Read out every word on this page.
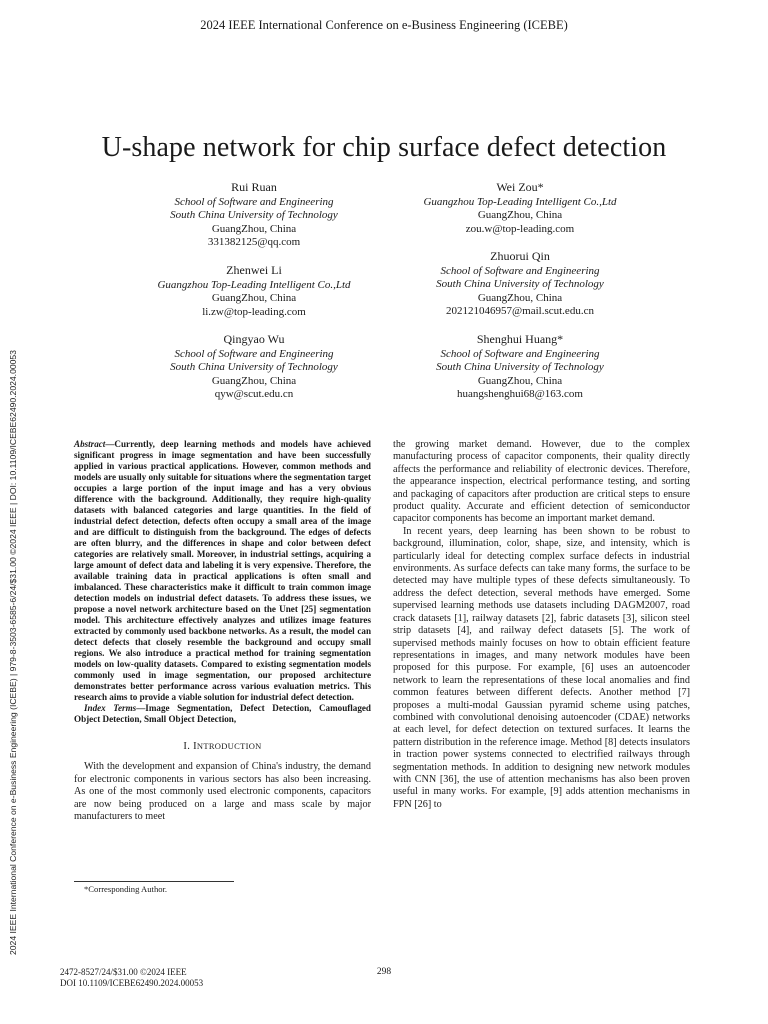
2024 IEEE International Conference on e-Business Engineering (ICEBE)
2024 IEEE International Conference on e-Business Engineering (ICEBE) | 979-8-3503-6585-6/24/$31.00 ©2024 IEEE | DOI: 10.1109/ICEBE62490.2024.00053
U-shape network for chip surface defect detection
Rui Ruan
School of Software and Engineering
South China University of Technology
GuangZhou, China
331382125@qq.com
Wei Zou*
Guangzhou Top-Leading Intelligent Co.,Ltd
GuangZhou, China
zou.w@top-leading.com
Zhenwei Li
Guangzhou Top-Leading Intelligent Co.,Ltd
GuangZhou, China
li.zw@top-leading.com
Zhuorui Qin
School of Software and Engineering
South China University of Technology
GuangZhou, China
202121046957@mail.scut.edu.cn
Qingyao Wu
School of Software and Engineering
South China University of Technology
GuangZhou, China
qyw@scut.edu.cn
Shenghui Huang*
School of Software and Engineering
South China University of Technology
GuangZhou, China
huangshenghui68@163.com

Abstract—Currently, deep learning methods and models have achieved significant progress in image segmentation and have been successfully applied in various practical applications. However, common methods and models are usually only suitable for situations where the segmentation target occupies a large portion of the input image and has a very obvious difference with the background. Additionally, they require high-quality datasets with balanced categories and large quantities. In the field of industrial defect detection, defects often occupy a small area of the image and are difficult to distinguish from the background. The edges of defects are often blurry, and the differences in shape and color between defect categories are relatively small. Moreover, in industrial settings, acquiring a large amount of defect data and labeling it is very expensive. Therefore, the available training data in practical applications is often small and imbalanced. These characteristics make it difficult to train common image detection models on industrial defect datasets. To address these issues, we propose a novel network architecture based on the Unet [25] segmentation model. This architecture effectively analyzes and utilizes image features extracted by commonly used backbone networks. As a result, the model can detect defects that closely resemble the background and occupy small regions. We also introduce a practical method for training segmentation models on low-quality datasets. Compared to existing segmentation models commonly used in image segmentation, our proposed architecture demonstrates better performance across various evaluation metrics. This research aims to provide a viable solution for industrial defect detection.

Index Terms—Image Segmentation, Defect Detection, Camouflaged Object Detection, Small Object Detection,

I. INTRODUCTION

With the development and expansion of China's industry, the demand for electronic components in various sectors has also been increasing. As one of the most commonly used electronic components, capacitors are now being produced on a large and mass scale by major manufacturers to meet

the growing market demand. However, due to the complex manufacturing process of capacitor components, their quality directly affects the performance and reliability of electronic devices. Therefore, the appearance inspection, electrical performance testing, and sorting and packaging of capacitors after production are critical steps to ensure product quality. Accurate and efficient detection of semiconductor capacitor components has become an important market demand.

In recent years, deep learning has been shown to be robust to background, illumination, color, shape, size, and intensity, which is particularly ideal for detecting complex surface defects in industrial environments. As surface defects can take many forms, the surface to be detected may have multiple types of these defects simultaneously. To address the defect detection, several methods have emerged. Some supervised learning methods use datasets including DAGM2007, road crack datasets [1], railway datasets [2], fabric datasets [3], silicon steel strip datasets [4], and railway defect datasets [5]. The work of supervised methods mainly focuses on how to obtain efficient feature representations in images, and many network modules have been proposed for this purpose. For example, [6] uses an autoencoder network to learn the representations of these local anomalies and find common features between different defects. Another method [7] proposes a multi-modal Gaussian pyramid scheme using patches, combined with convolutional denoising autoencoder (CDAE) networks at each level, for defect detection on textured surfaces. It learns the pattern distribution in the reference image. Method [8] detects insulators in traction power systems connected to electrified railways through segmentation methods. In addition to designing new network modules with CNN [36], the use of attention mechanisms has also been proven useful in many works. For example, [9] adds attention mechanisms in FPN [26] to

*Corresponding Author.
298
2472-8527/24/$31.00 ©2024 IEEE
DOI 10.1109/ICEBE62490.2024.00053
